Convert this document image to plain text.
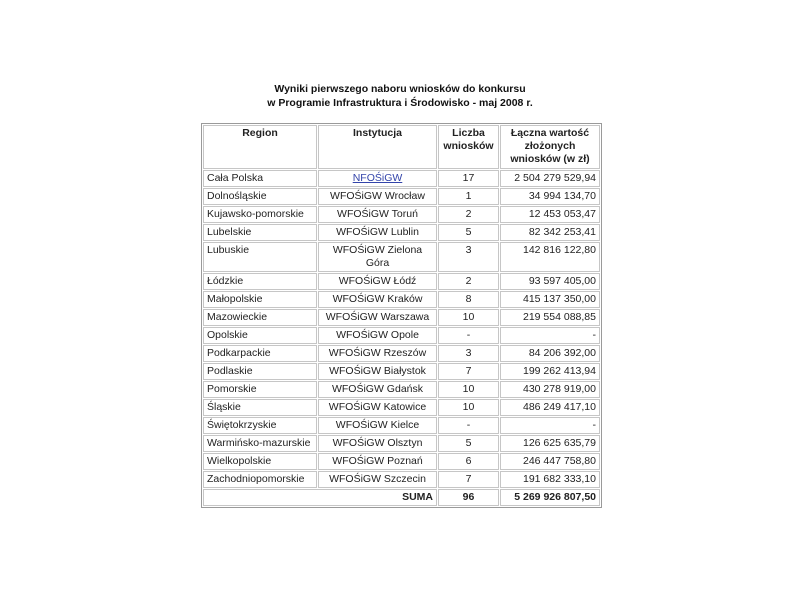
Wyniki pierwszego naboru wniosków do konkursu
w Programie Infrastruktura i Środowisko - maj 2008 r.
Region	Instytucja	Liczba wniosków	Łączna wartość złożonych wniosków (w zł)
Cała Polska	NFOŚiGW	17	2 504 279 529,94
Dolnośląskie	WFOŚiGW Wrocław	1	34 994 134,70
Kujawsko-pomorskie	WFOŚiGW Toruń	2	12 453 053,47
Lubelskie	WFOŚiGW Lublin	5	82 342 253,41
Lubuskie	WFOŚiGW Zielona Góra	3	142 816 122,80
Łódzkie	WFOŚiGW Łódź	2	93 597 405,00
Małopolskie	WFOŚiGW Kraków	8	415 137 350,00
Mazowieckie	WFOŚiGW Warszawa	10	219 554 088,85
Opolskie	WFOŚiGW Opole	-	-
Podkarpackie	WFOŚiGW Rzeszów	3	84 206 392,00
Podlaskie	WFOŚiGW Białystok	7	199 262 413,94
Pomorskie	WFOŚiGW Gdańsk	10	430 278 919,00
Śląskie	WFOŚiGW Katowice	10	486 249 417,10
Świętokrzyskie	WFOŚiGW Kielce	-	-
Warmińsko-mazurskie	WFOŚiGW Olsztyn	5	126 625 635,79
Wielkopolskie	WFOŚiGW Poznań	6	246 447 758,80
Zachodniopomorskie	WFOŚiGW Szczecin	7	191 682 333,10
SUMA		96	5 269 926 807,50
